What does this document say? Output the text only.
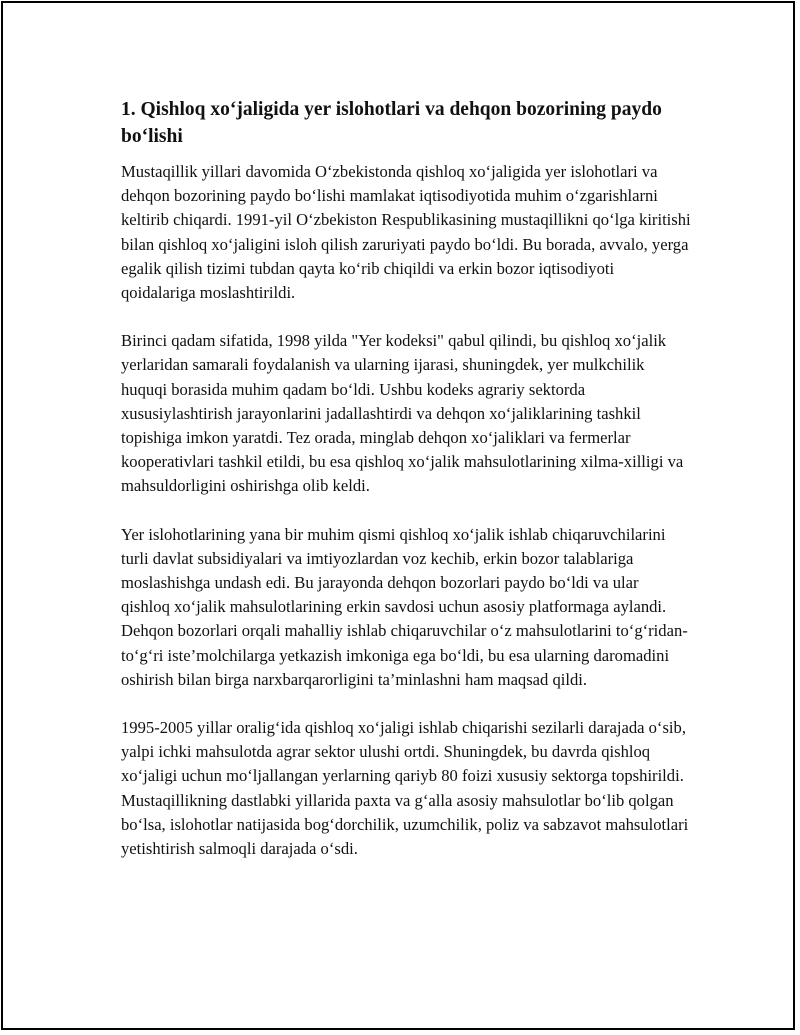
1. Qishloq xo‘jaligida yer islohotlari va dehqon bozorining paydo bo‘lishi

Mustaqillik yillari davomida O‘zbekistonda qishloq xo‘jaligida yer islohotlari va dehqon bozorining paydo bo‘lishi mamlakat iqtisodiyotida muhim o‘zgarishlarni keltirib chiqardi. 1991-yil O‘zbekiston Respublikasining mustaqillikni qo‘lga kiritishi bilan qishloq xo‘jaligini isloh qilish zaruriyati paydo bo‘ldi. Bu borada, avvalo, yerga egalik qilish tizimi tubdan qayta ko‘rib chiqildi va erkin bozor iqtisodiyoti qoidalariga moslashtirildi.

Birinci qadam sifatida, 1998 yilda "Yer kodeksi" qabul qilindi, bu qishloq xo‘jalik yerlaridan samarali foydalanish va ularning ijarasi, shuningdek, yer mulkchilik huquqi borasida muhim qadam bo‘ldi. Ushbu kodeks agrariy sektorda xususiylashtirish jarayonlarini jadallashtirdi va dehqon xo‘jaliklarining tashkil topishiga imkon yaratdi. Tez orada, minglab dehqon xo‘jaliklari va fermerlar kooperativlari tashkil etildi, bu esa qishloq xo‘jalik mahsulotlarining xilma-xilligi va mahsuldorligini oshirishga olib keldi.

Yer islohotlarining yana bir muhim qismi qishloq xo‘jalik ishlab chiqaruvchilarini turli davlat subsidiyalari va imtiyozlardan voz kechib, erkin bozor talablariga moslashishga undash edi. Bu jarayonda dehqon bozorlari paydo bo‘ldi va ular qishloq xo‘jalik mahsulotlarining erkin savdosi uchun asosiy platformaga aylandi. Dehqon bozorlari orqali mahalliy ishlab chiqaruvchilar o‘z mahsulotlarini to‘g‘ridan-to‘g‘ri iste’molchilarga yetkazish imkoniga ega bo‘ldi, bu esa ularning daromadini oshirish bilan birga narxbarqarorligini ta’minlashni ham maqsad qildi.

1995-2005 yillar oralig‘ida qishloq xo‘jaligi ishlab chiqarishi sezilarli darajada o‘sib, yalpi ichki mahsulotda agrar sektor ulushi ortdi. Shuningdek, bu davrda qishloq xo‘jaligi uchun mo‘ljallangan yerlarning qariyb 80 foizi xususiy sektorga topshirildi. Mustaqillikning dastlabki yillarida paxta va g‘alla asosiy mahsulotlar bo‘lib qolgan bo‘lsa, islohotlar natijasida bog‘dorchilik, uzumchilik, poliz va sabzavot mahsulotlari yetishtirish salmoqli darajada o‘sdi.
